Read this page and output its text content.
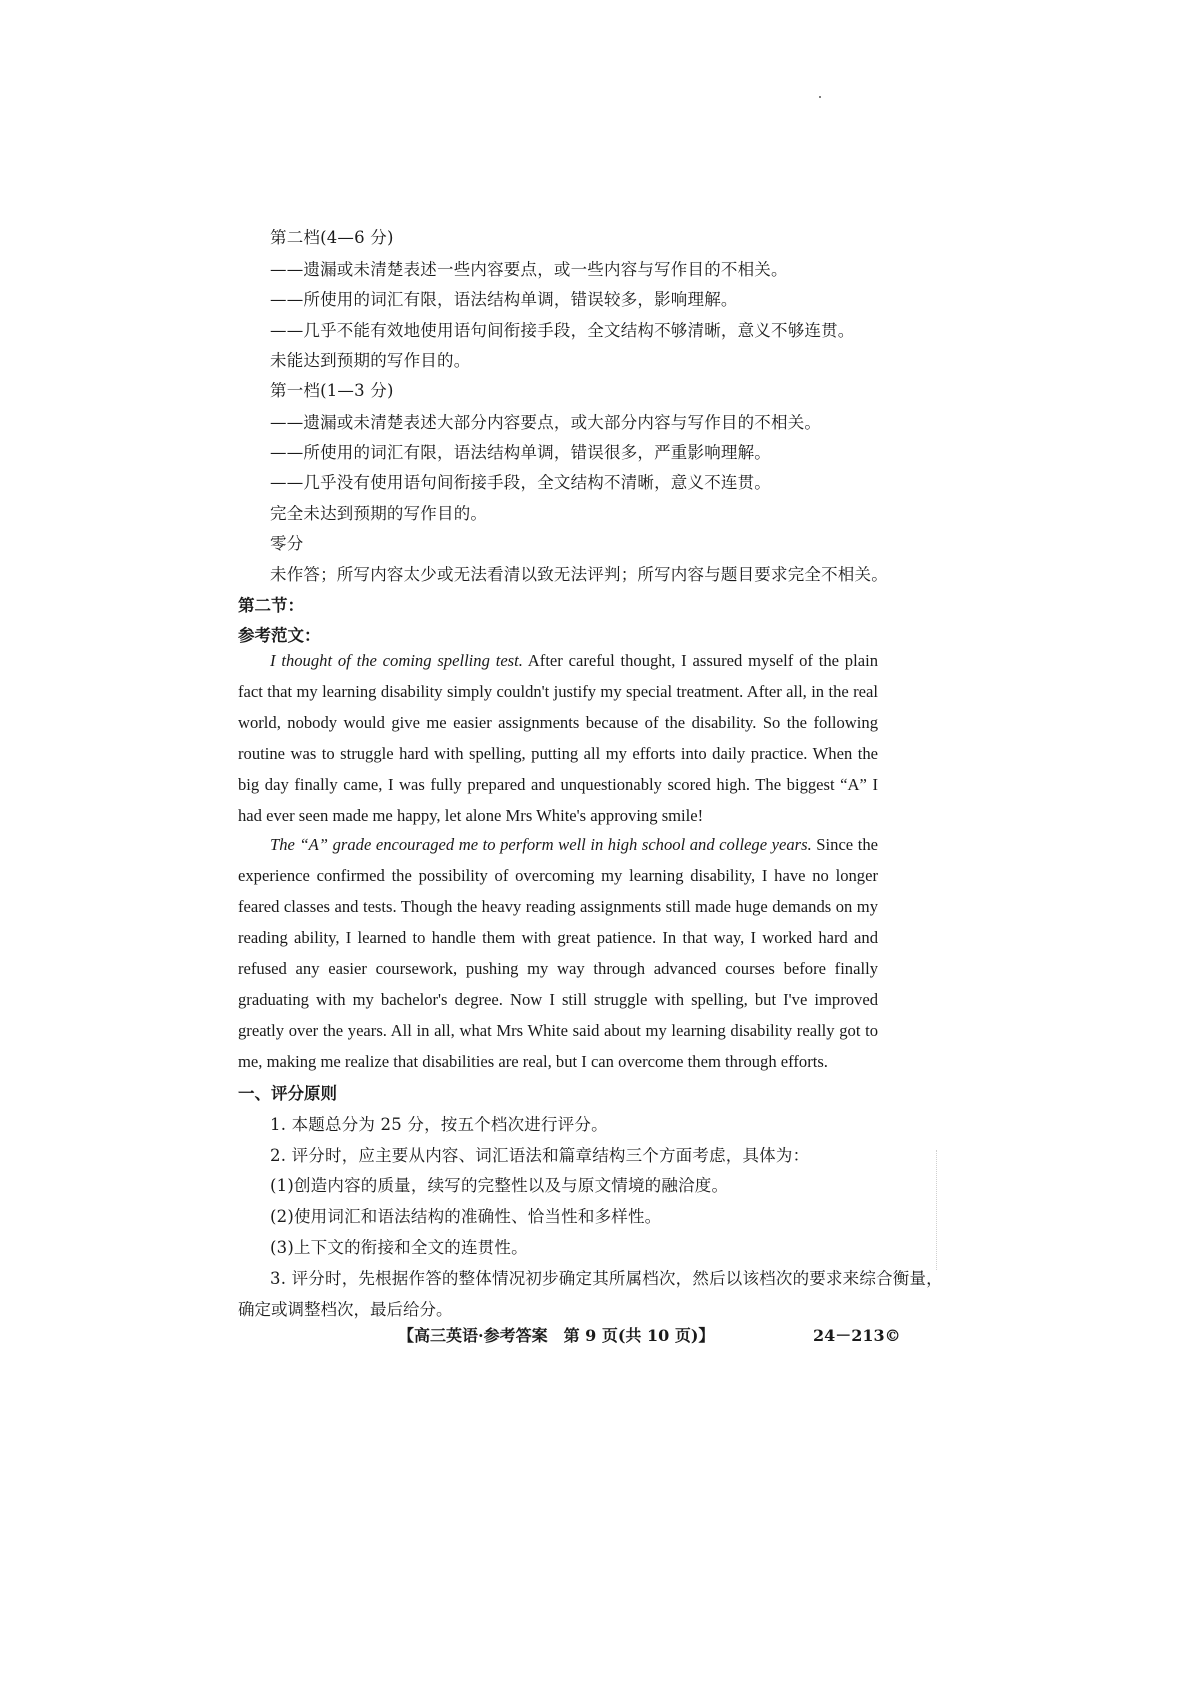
第二档(4—6 分)
——遗漏或未清楚表述一些内容要点，或一些内容与写作目的不相关。
——所使用的词汇有限，语法结构单调，错误较多，影响理解。
——几乎不能有效地使用语句间衔接手段，全文结构不够清晰，意义不够连贯。
未能达到预期的写作目的。
第一档(1—3 分)
——遗漏或未清楚表述大部分内容要点，或大部分内容与写作目的不相关。
——所使用的词汇有限，语法结构单调，错误很多，严重影响理解。
——几乎没有使用语句间衔接手段，全文结构不清晰，意义不连贯。
完全未达到预期的写作目的。
零分
未作答；所写内容太少或无法看清以致无法评判；所写内容与题目要求完全不相关。
第二节：
参考范文：
I thought of the coming spelling test. After careful thought, I assured myself of the plain fact that my learning disability simply couldn't justify my special treatment. After all, in the real world, nobody would give me easier assignments because of the disability. So the following routine was to struggle hard with spelling, putting all my efforts into daily practice. When the big day finally came, I was fully prepared and unquestionably scored high. The biggest “A” I had ever seen made me happy, let alone Mrs White's approving smile!
The “A” grade encouraged me to perform well in high school and college years. Since the experience confirmed the possibility of overcoming my learning disability, I have no longer feared classes and tests. Though the heavy reading assignments still made huge demands on my reading ability, I learned to handle them with great patience. In that way, I worked hard and refused any easier coursework, pushing my way through advanced courses before finally graduating with my bachelor's degree. Now I still struggle with spelling, but I've improved greatly over the years. All in all, what Mrs White said about my learning disability really got to me, making me realize that disabilities are real, but I can overcome them through efforts.
一、评分原则
1. 本题总分为 25 分，按五个档次进行评分。
2. 评分时，应主要从内容、词汇语法和篇章结构三个方面考虑，具体为：
(1)创造内容的质量，续写的完整性以及与原文情境的融洽度。
(2)使用词汇和语法结构的准确性、恰当性和多样性。
(3)上下文的衔接和全文的连贯性。
3. 评分时，先根据作答的整体情况初步确定其所属档次，然后以该档次的要求来综合衡量，
确定或调整档次，最后给分。
【高三英语·参考答案　第 9 页(共 10 页)】	24－213©
